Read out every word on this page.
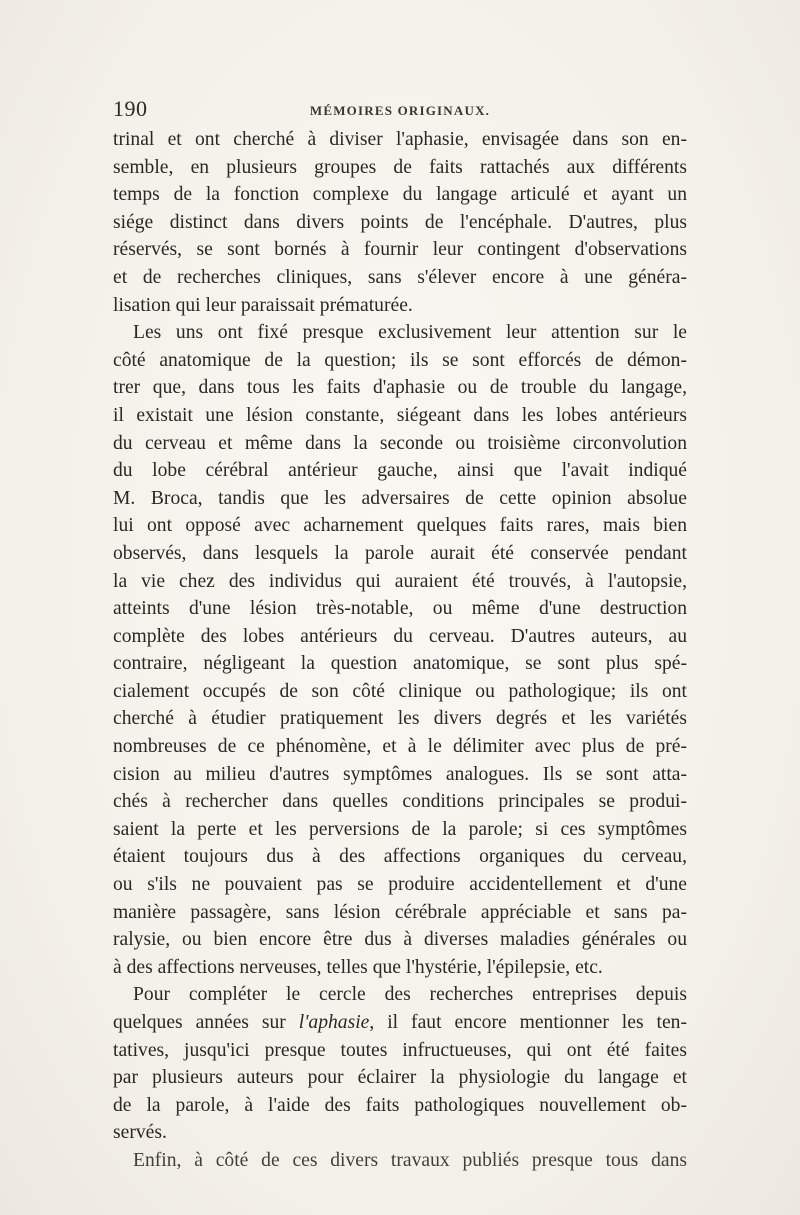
190	MÉMOIRES ORIGINAUX.
trinal et ont cherché à diviser l'aphasie, envisagée dans son en-
semble, en plusieurs groupes de faits rattachés aux différents
temps de la fonction complexe du langage articulé et ayant un
siége distinct dans divers points de l'encéphale. D'autres, plus
réservés, se sont bornés à fournir leur contingent d'observations
et de recherches cliniques, sans s'élever encore à une généra-
lisation qui leur paraissait prématurée.
Les uns ont fixé presque exclusivement leur attention sur le
côté anatomique de la question; ils se sont efforcés de démon-
trer que, dans tous les faits d'aphasie ou de trouble du langage,
il existait une lésion constante, siégeant dans les lobes antérieurs
du cerveau et même dans la seconde ou troisième circonvolution
du lobe cérébral antérieur gauche, ainsi que l'avait indiqué
M. Broca, tandis que les adversaires de cette opinion absolue
lui ont opposé avec acharnement quelques faits rares, mais bien
observés, dans lesquels la parole aurait été conservée pendant
la vie chez des individus qui auraient été trouvés, à l'autopsie,
atteints d'une lésion très-notable, ou même d'une destruction
complète des lobes antérieurs du cerveau. D'autres auteurs, au
contraire, négligeant la question anatomique, se sont plus spé-
cialement occupés de son côté clinique ou pathologique; ils ont
cherché à étudier pratiquement les divers degrés et les variétés
nombreuses de ce phénomène, et à le délimiter avec plus de pré-
cision au milieu d'autres symptômes analogues. Ils se sont atta-
chés à rechercher dans quelles conditions principales se produi-
saient la perte et les perversions de la parole; si ces symptômes
étaient toujours dus à des affections organiques du cerveau,
ou s'ils ne pouvaient pas se produire accidentellement et d'une
manière passagère, sans lésion cérébrale appréciable et sans pa-
ralysie, ou bien encore être dus à diverses maladies générales ou
à des affections nerveuses, telles que l'hystérie, l'épilepsie, etc.
Pour compléter le cercle des recherches entreprises depuis
quelques années sur l'aphasie, il faut encore mentionner les ten-
tatives, jusqu'ici presque toutes infructueuses, qui ont été faites
par plusieurs auteurs pour éclairer la physiologie du langage et
de la parole, à l'aide des faits pathologiques nouvellement ob-
servés.
Enfin, à côté de ces divers travaux publiés presque tous dans
